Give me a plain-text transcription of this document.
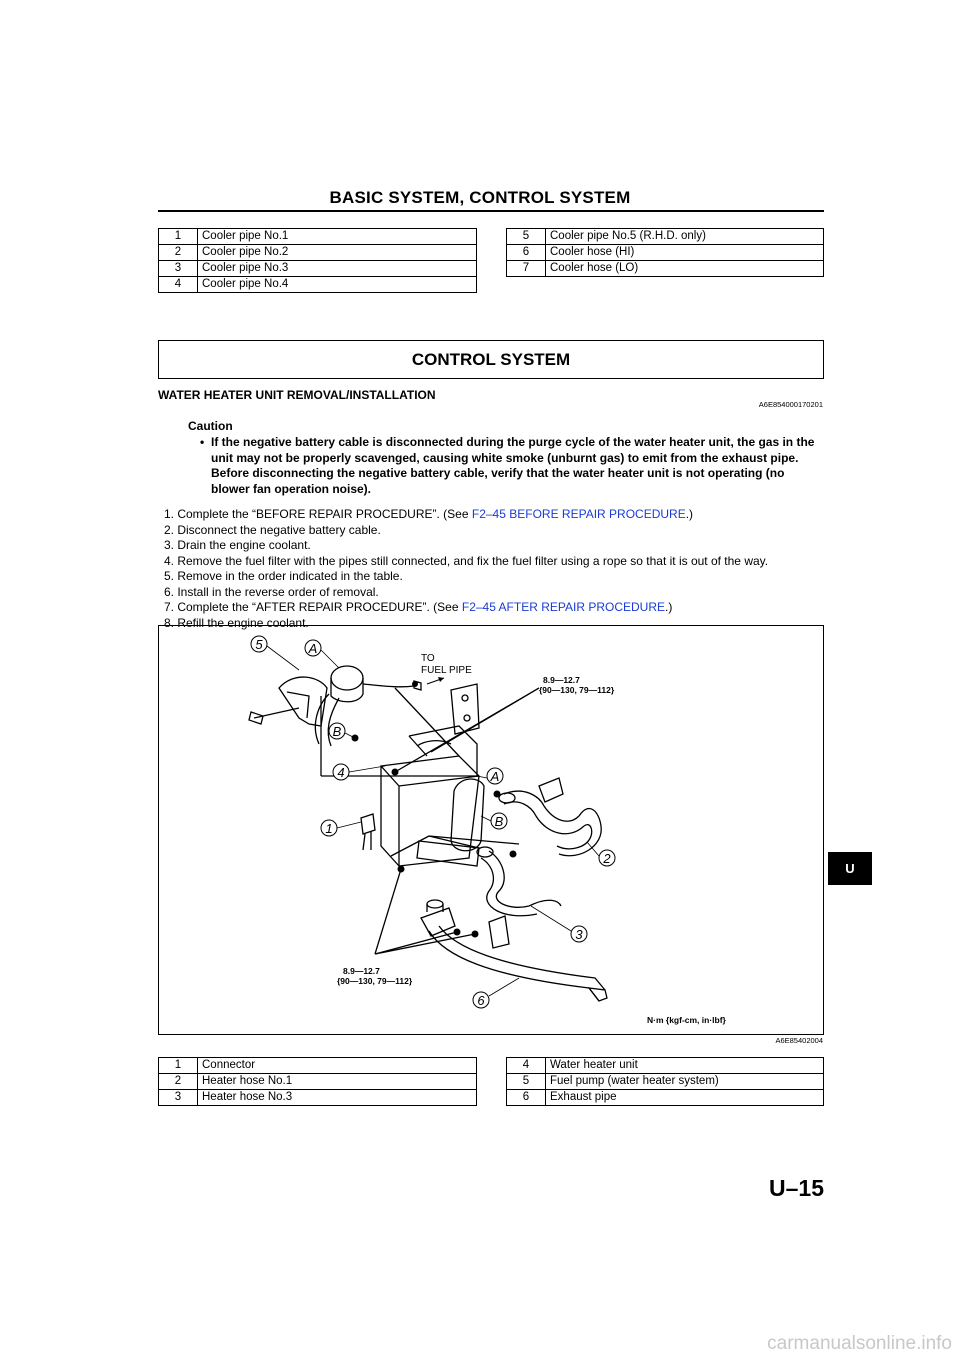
BASIC SYSTEM, CONTROL SYSTEM
1	Cooler pipe No.1
2	Cooler pipe No.2
3	Cooler pipe No.3
4	Cooler pipe No.4
5	Cooler pipe No.5 (R.H.D. only)
6	Cooler hose (HI)
7	Cooler hose (LO)
CONTROL SYSTEM
WATER HEATER UNIT REMOVAL/INSTALLATION
A6E854000170201
Caution
• If the negative battery cable is disconnected during the purge cycle of the water heater unit, the gas in the unit may not be properly scavenged, causing white smoke (unburnt gas) to emit from the exhaust pipe. Before disconnecting the negative battery cable, verify that the water heater unit is not operating (no blower fan operation noise).
1. Complete the “BEFORE REPAIR PROCEDURE”. (See F2–45 BEFORE REPAIR PROCEDURE.)
2. Disconnect the negative battery cable.
3. Drain the engine coolant.
4. Remove the fuel filter with the pipes still connected, and fix the fuel filter using a rope so that it is out of the way.
5. Remove in the order indicated in the table.
6. Install in the reverse order of removal.
7. Complete the “AFTER REPAIR PROCEDURE”. (See F2–45 AFTER REPAIR PROCEDURE.)
8. Refill the engine coolant.
5	A
B
4	A
B
1
2
3
6
TO
FUEL PIPE
8.9—12.7
{90—130, 79—112}
8.9—12.7
{90—130, 79—112}
N·m {kgf-cm, in·lbf}
A6E85402004
1	Connector
2	Heater hose No.1
3	Heater hose No.3
4	Water heater unit
5	Fuel pump (water heater system)
6	Exhaust pipe
U
U–15
carmanualsonline.info
